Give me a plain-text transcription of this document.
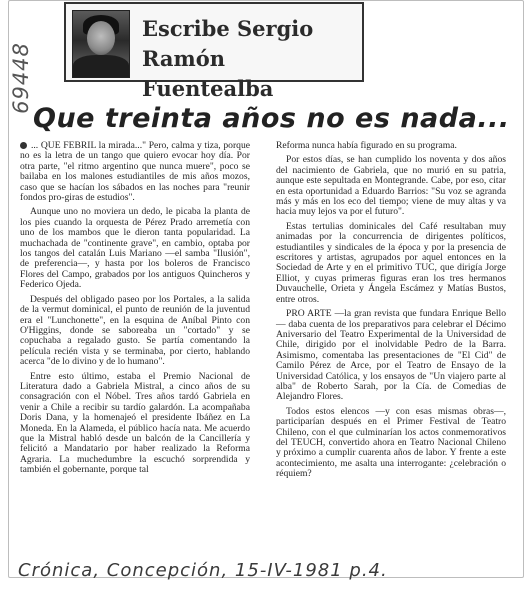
69448
Escribe Sergio
Ramón Fuentealba
Que treinta años no es nada...

... QUE FEBRIL la mirada..." Pero, calma y tiza, porque no es la letra de un tango que quiero evocar hoy día. Por otra parte, "el ritmo argentino que nunca muere", poco se bailaba en los malones estudiantiles de mis años mozos, caso que se hacían los sábados en las noches para "reunir fondos pro-giras de estudios".

Aunque uno no moviera un dedo, le picaba la planta de los pies cuando la orquesta de Pérez Prado arremetía con uno de los mambos que le dieron tanta popularidad. La muchachada de "continente grave", en cambio, optaba por los tangos del catalán Luis Mariano —el samba "Ilusión", de preferencia—, y hasta por los boleros de Francisco Flores del Campo, grabados por los antiguos Quincheros y Federico Ojeda.

Después del obligado paseo por los Portales, a la salida de la vermut dominical, el punto de reunión de la juventud era el "Lunchonette", en la esquina de Aníbal Pinto con O'Higgins, donde se saboreaba un "cortado" y se copuchaba a regalado gusto. Se partía comentando la película recién vista y se terminaba, por cierto, hablando acerca "de lo divino y de lo humano".

Entre esto último, estaba el Premio Nacional de Literatura dado a Gabriela Mistral, a cinco años de su consagración con el Nóbel. Tres años tardó Gabriela en venir a Chile a recibir su tardío galardón. La acompañaba Doris Dana, y la homenajeó el presidente Ibáñez en La Moneda. En la Alameda, el público hacía nata. Me acuerdo que la Mistral habló desde un balcón de la Cancillería y felicitó a Mandatario por haber realizado la Reforma Agraria. La muchedumbre la escuchó sorprendida y también el gobernante, porque tal

Reforma nunca había figurado en su programa.

Por estos días, se han cumplido los noventa y dos años del nacimiento de Gabriela, que no murió en su patria, aunque este sepultada en Montegrande. Cabe, por eso, citar en esta oportunidad a Eduardo Barrios: "Su voz se agranda más y más en los eco del tiempo; viene de muy altas y va hacia muy lejos va por el futuro".

Estas tertulias dominicales del Café resultaban muy animadas por la concurrencia de dirigentes políticos, estudiantiles y sindicales de la época y por la presencia de escritores y artistas, agrupados por aquel entonces en la Sociedad de Arte y en el primitivo TUC, que dirigía Jorge Elliot, y cuyas primeras figuras eran los tres hermanos Duvauchelle, Orieta y Ángela Escámez y Matías Bustos, entre otros.

PRO ARTE —la gran revista que fundara Enrique Bello— daba cuenta de los preparativos para celebrar el Décimo Aniversario del Teatro Experimental de la Universidad de Chile, dirigido por el inolvidable Pedro de la Barra. Asimismo, comentaba las presentaciones de "El Cid" de Camilo Pérez de Arce, por el Teatro de Ensayo de la Universidad Católica, y los ensayos de "Un viajero parte al alba" de Roberto Sarah, por la Cía. de Comedias de Alejandro Flores.

Todos estos elencos —y con esas mismas obras—, participarían después en el Primer Festival de Teatro Chileno, con el que culminarían los actos conmemorativos del TEUCH, convertido ahora en Teatro Nacional Chileno y próximo a cumplir cuarenta años de labor. Y frente a este acontecimiento, me asalta una interrogante: ¿celebración o réquiem?

Crónica, Concepción, 15-IV-1981 p.4.
